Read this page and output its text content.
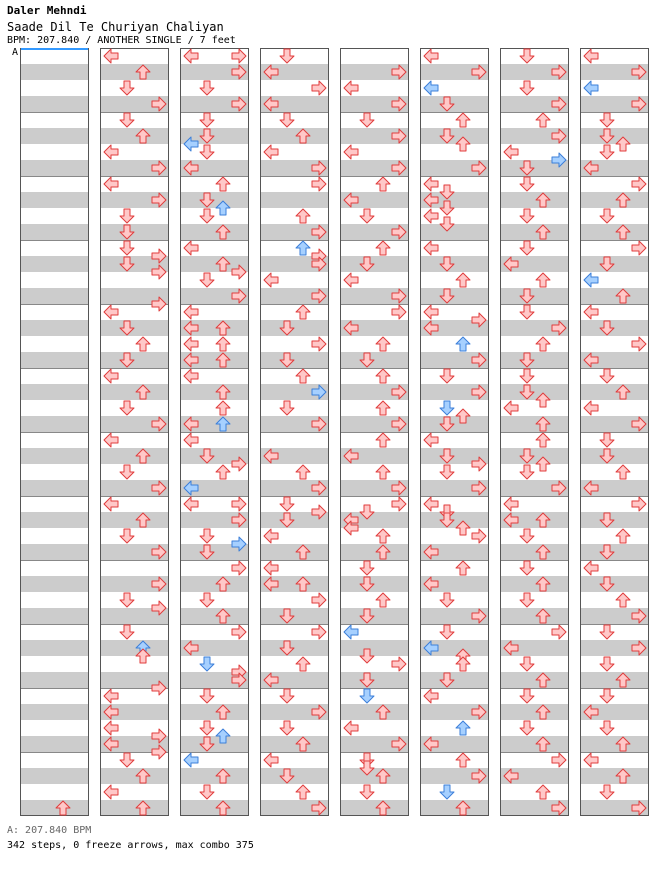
Daler Mehndi
Saade Dil Te Churiyan Chaliyan
BPM: 207.840 / ANOTHER SINGLE / 7 feet
A
A: 207.840 BPM
342 steps, 0 freeze arrows, max combo 375
